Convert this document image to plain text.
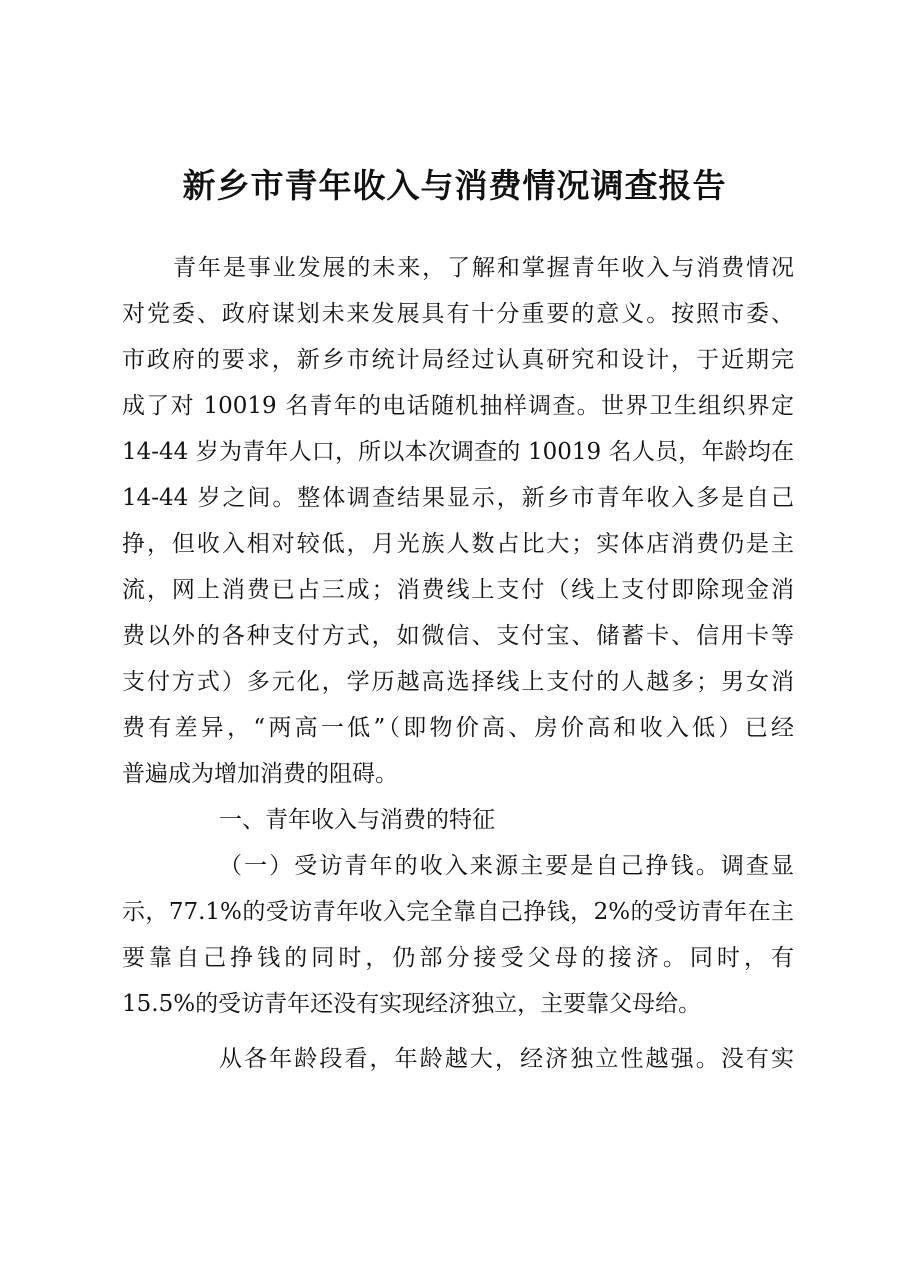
新乡市青年收入与消费情况调查报告
青年是事业发展的未来，了解和掌握青年收入与消费情况
对党委、政府谋划未来发展具有十分重要的意义。按照市委、
市政府的要求，新乡市统计局经过认真研究和设计，于近期完
成了对 10019 名青年的电话随机抽样调查。世界卫生组织界定
14-44 岁为青年人口，所以本次调查的 10019 名人员，年龄均在
14-44 岁之间。整体调查结果显示，新乡市青年收入多是自己
挣，但收入相对较低，月光族人数占比大；实体店消费仍是主
流，网上消费已占三成；消费线上支付（线上支付即除现金消
费以外的各种支付方式，如微信、支付宝、储蓄卡、信用卡等
支付方式）多元化，学历越高选择线上支付的人越多；男女消
费有差异，“两高一低”（即物价高、房价高和收入低）已经
普遍成为增加消费的阻碍。
一、青年收入与消费的特征
（一）受访青年的收入来源主要是自己挣钱。调查显
示，77.1%的受访青年收入完全靠自己挣钱，2%的受访青年在主
要靠自己挣钱的同时，仍部分接受父母的接济。同时，有
15.5%的受访青年还没有实现经济独立，主要靠父母给。
从各年龄段看，年龄越大，经济独立性越强。没有实
